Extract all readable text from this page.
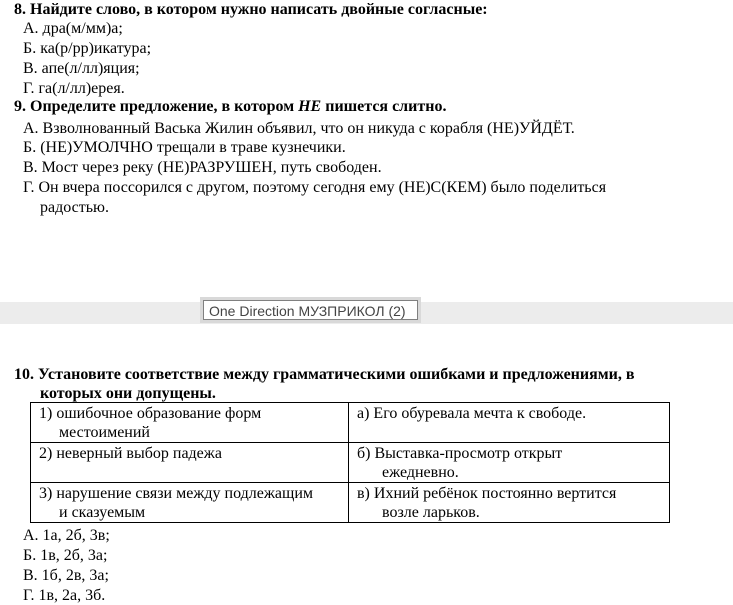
8. Найдите слово, в котором нужно написать двойные согласные:
А. дра(м/мм)а;
Б. ка(р/рр)икатура;
В. апе(л/лл)яция;
Г. га(л/лл)ерея.
9. Определите предложение, в котором НЕ пишется слитно.
А. Взволнованный Васька Жилин объявил, что он никуда с корабля (НЕ)УЙДЁТ.
Б. (НЕ)УМОЛЧНО трещали в траве кузнечики.
В. Мост через реку (НЕ)РАЗРУШЕН, путь свободен.
Г. Он вчера поссорился с другом, поэтому сегодня ему (НЕ)С(КЕМ) было поделиться
радостью.
One Direction МУЗПРИКОЛ (2)
10. Установите соответствие между грамматическими ошибками и предложениями, в
которых они допущены.
1) ошибочное образование форм
местоимений	а) Его обуревала мечта к свободе.

2) неверный выбор падежа	б) Выставка-просмотр открыт
ежедневно.

3) нарушение связи между подлежащим
и сказуемым	в) Ихний ребёнок постоянно вертится
возле ларьков.
А. 1а, 2б, 3в;
Б. 1в, 2б, 3а;
В. 1б, 2в, 3а;
Г. 1в, 2а, 3б.
